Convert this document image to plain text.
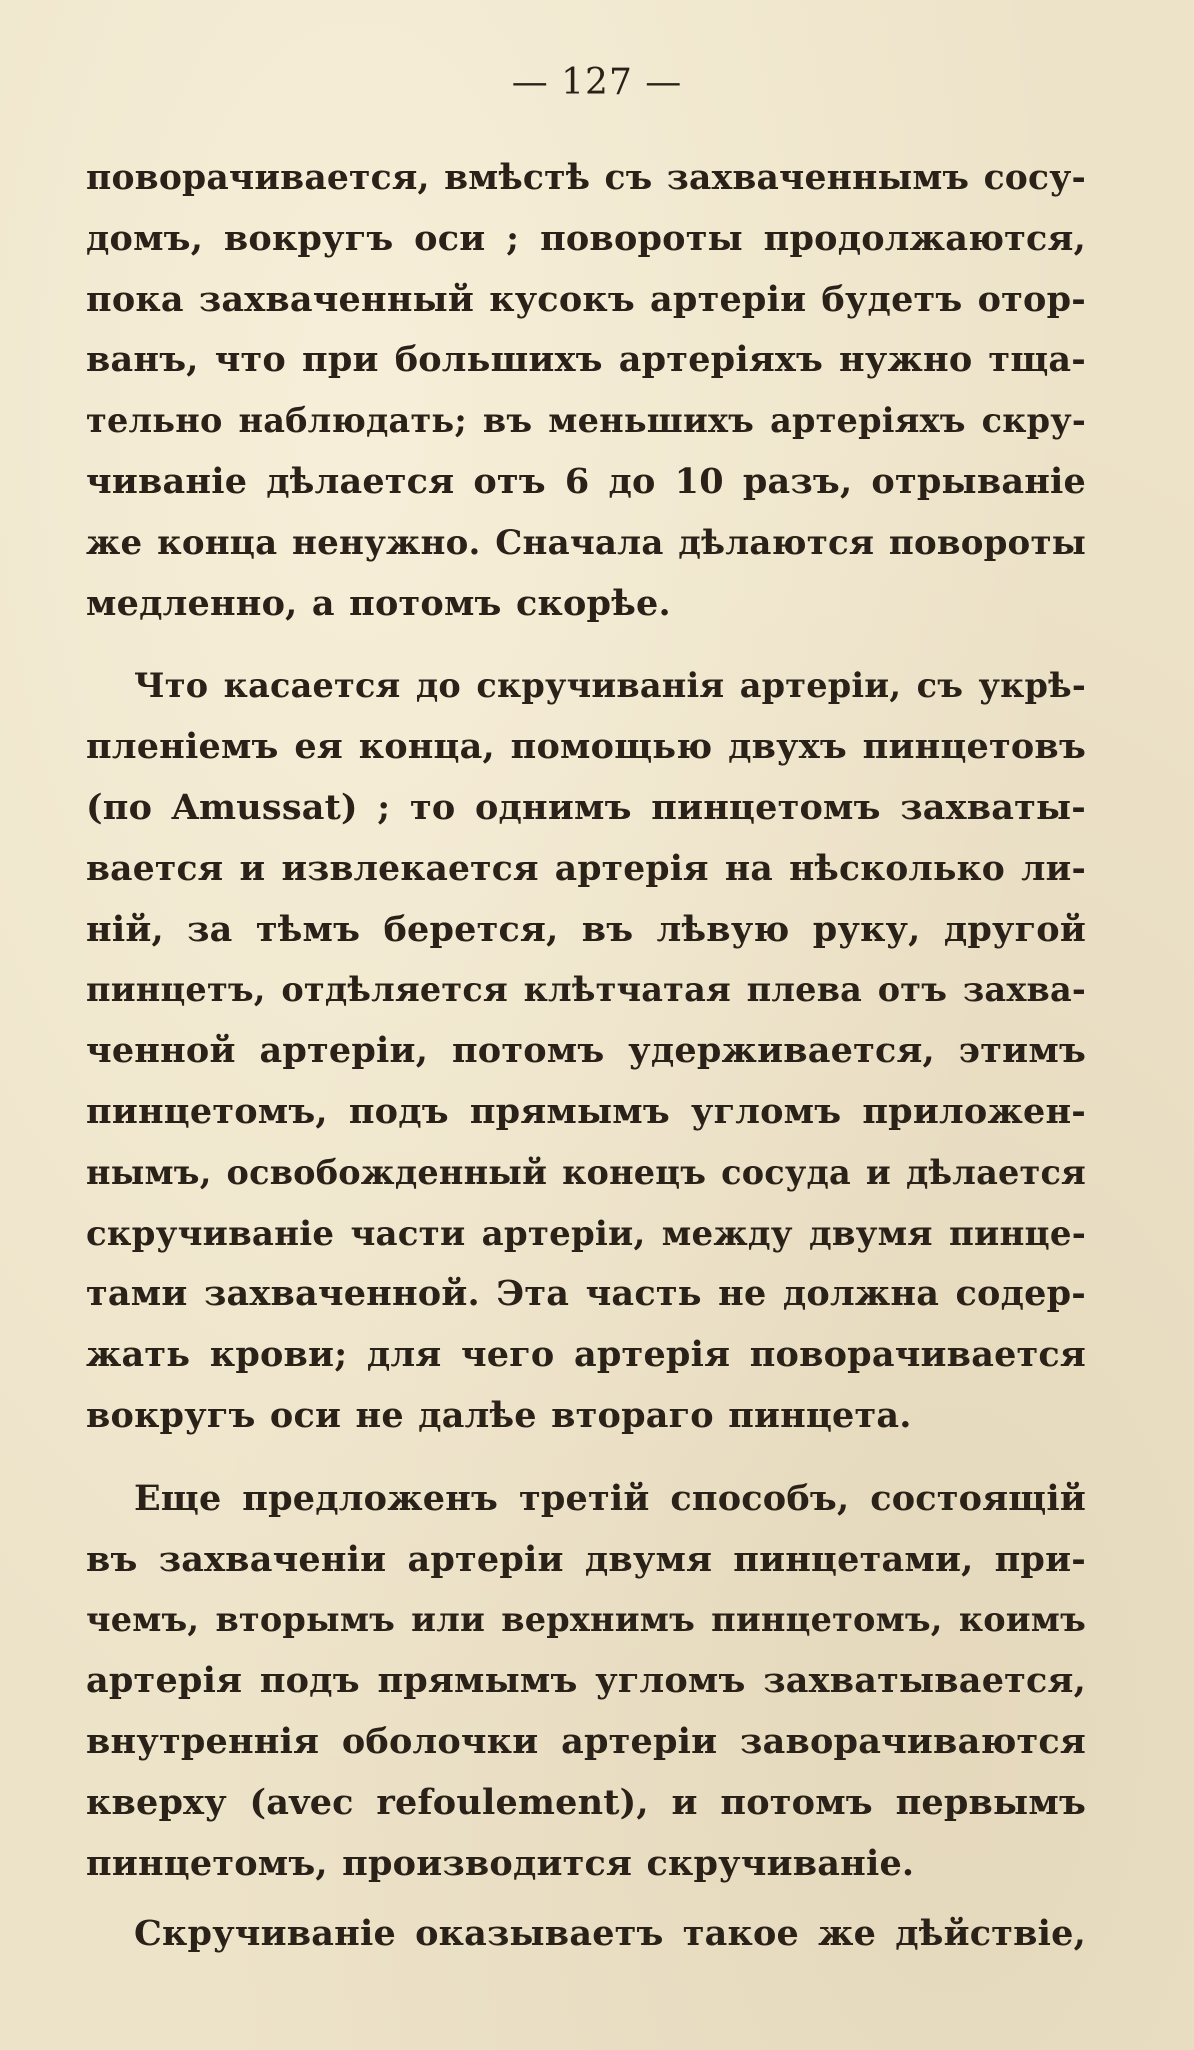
— 127 —
поворачивается, вмѣстѣ съ захваченнымъ сосу-
домъ, вокругъ оси ; повороты продолжаются,
пока захваченный кусокъ артеріи будетъ отор-
ванъ, что при большихъ артеріяхъ нужно тща-
тельно наблюдать; въ меньшихъ артеріяхъ скру-
чиваніе дѣлается отъ 6 до 10 разъ, отрываніе
же конца ненужно. Сначала дѣлаются повороты
медленно, а потомъ скорѣе.
Что касается до скручиванія артеріи, съ укрѣ-
пленіемъ ея конца, помощью двухъ пинцетовъ
(по Amussat) ; то однимъ пинцетомъ захваты-
вается и извлекается артерія на нѣсколько ли-
ній, за тѣмъ берется, въ лѣвую руку, другой
пинцетъ, отдѣляется клѣтчатая плева отъ захва-
ченной артеріи, потомъ удерживается, этимъ
пинцетомъ, подъ прямымъ угломъ приложен-
нымъ, освобожденный конецъ сосуда и дѣлается
скручиваніе части артеріи, между двумя пинце-
тами захваченной. Эта часть не должна содер-
жать крови; для чего артерія поворачивается
вокругъ оси не далѣе втораго пинцета.
Еще предложенъ третій способъ, состоящій
въ захваченіи артеріи двумя пинцетами, при-
чемъ, вторымъ или верхнимъ пинцетомъ, коимъ
артерія подъ прямымъ угломъ захватывается,
внутреннія оболочки артеріи заворачиваются
кверху (avec refoulement), и потомъ первымъ
пинцетомъ, производится скручиваніе.
Скручиваніе оказываетъ такое же дѣйствіе,
